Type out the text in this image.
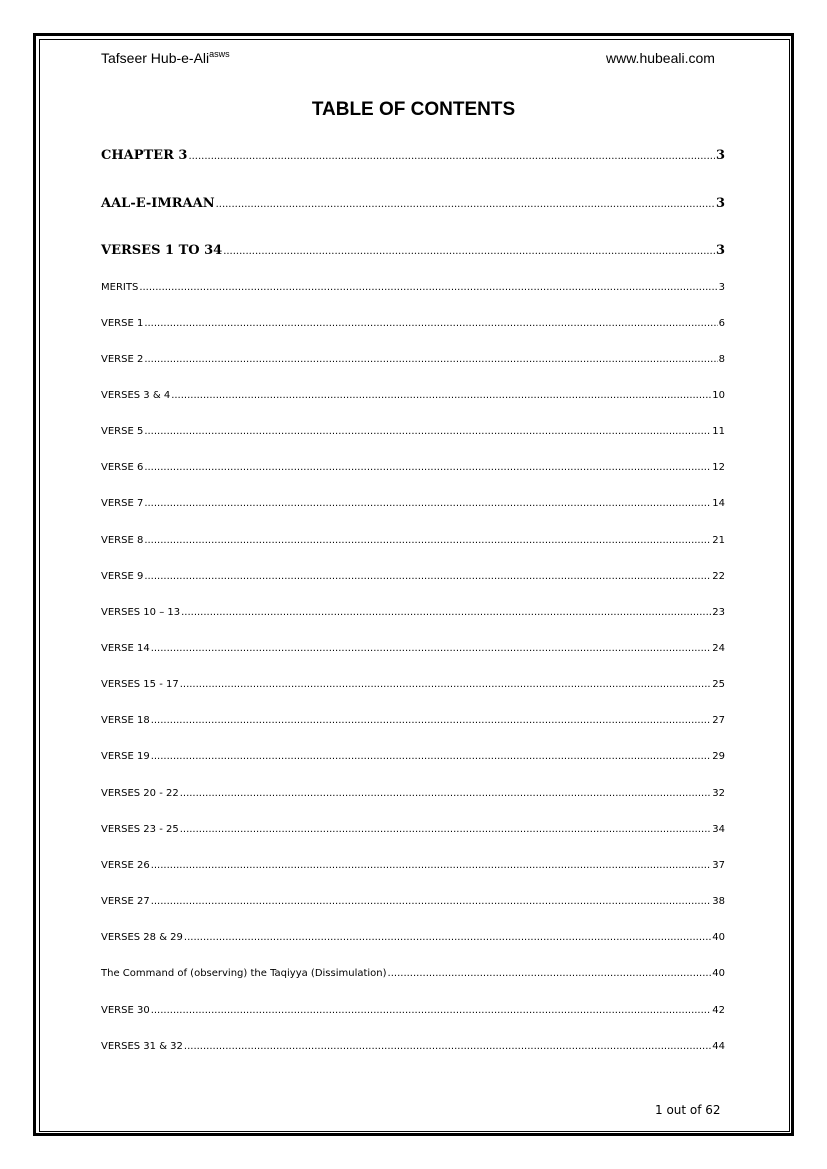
Tafseer Hub-e-Ali$^{asws}$	www.hubeali.com
TABLE OF CONTENTS
CHAPTER 3 .....	3
AAL-E-IMRAAN .....	3
VERSES 1 TO 34 .....	3
MERITS .....	3
VERSE 1 .....	6
VERSE 2 .....	8
VERSES 3 & 4 .....	10
VERSE 5 .....	11
VERSE 6 .....	12
VERSE 7 .....	14
VERSE 8 .....	21
VERSE 9 .....	22
VERSES 10 – 13 .....	23
VERSE 14 .....	24
VERSES 15 - 17 .....	25
VERSE 18 .....	27
VERSE 19 .....	29
VERSES 20 - 22 .....	32
VERSES 23 - 25 .....	34
VERSE 26 .....	37
VERSE 27 .....	38
VERSES 28 & 29 .....	40
The Command of (observing) the Taqiyya (Dissimulation) .....	40
VERSE 30 .....	42
VERSES 31 & 32 .....	44
1 out of 62
